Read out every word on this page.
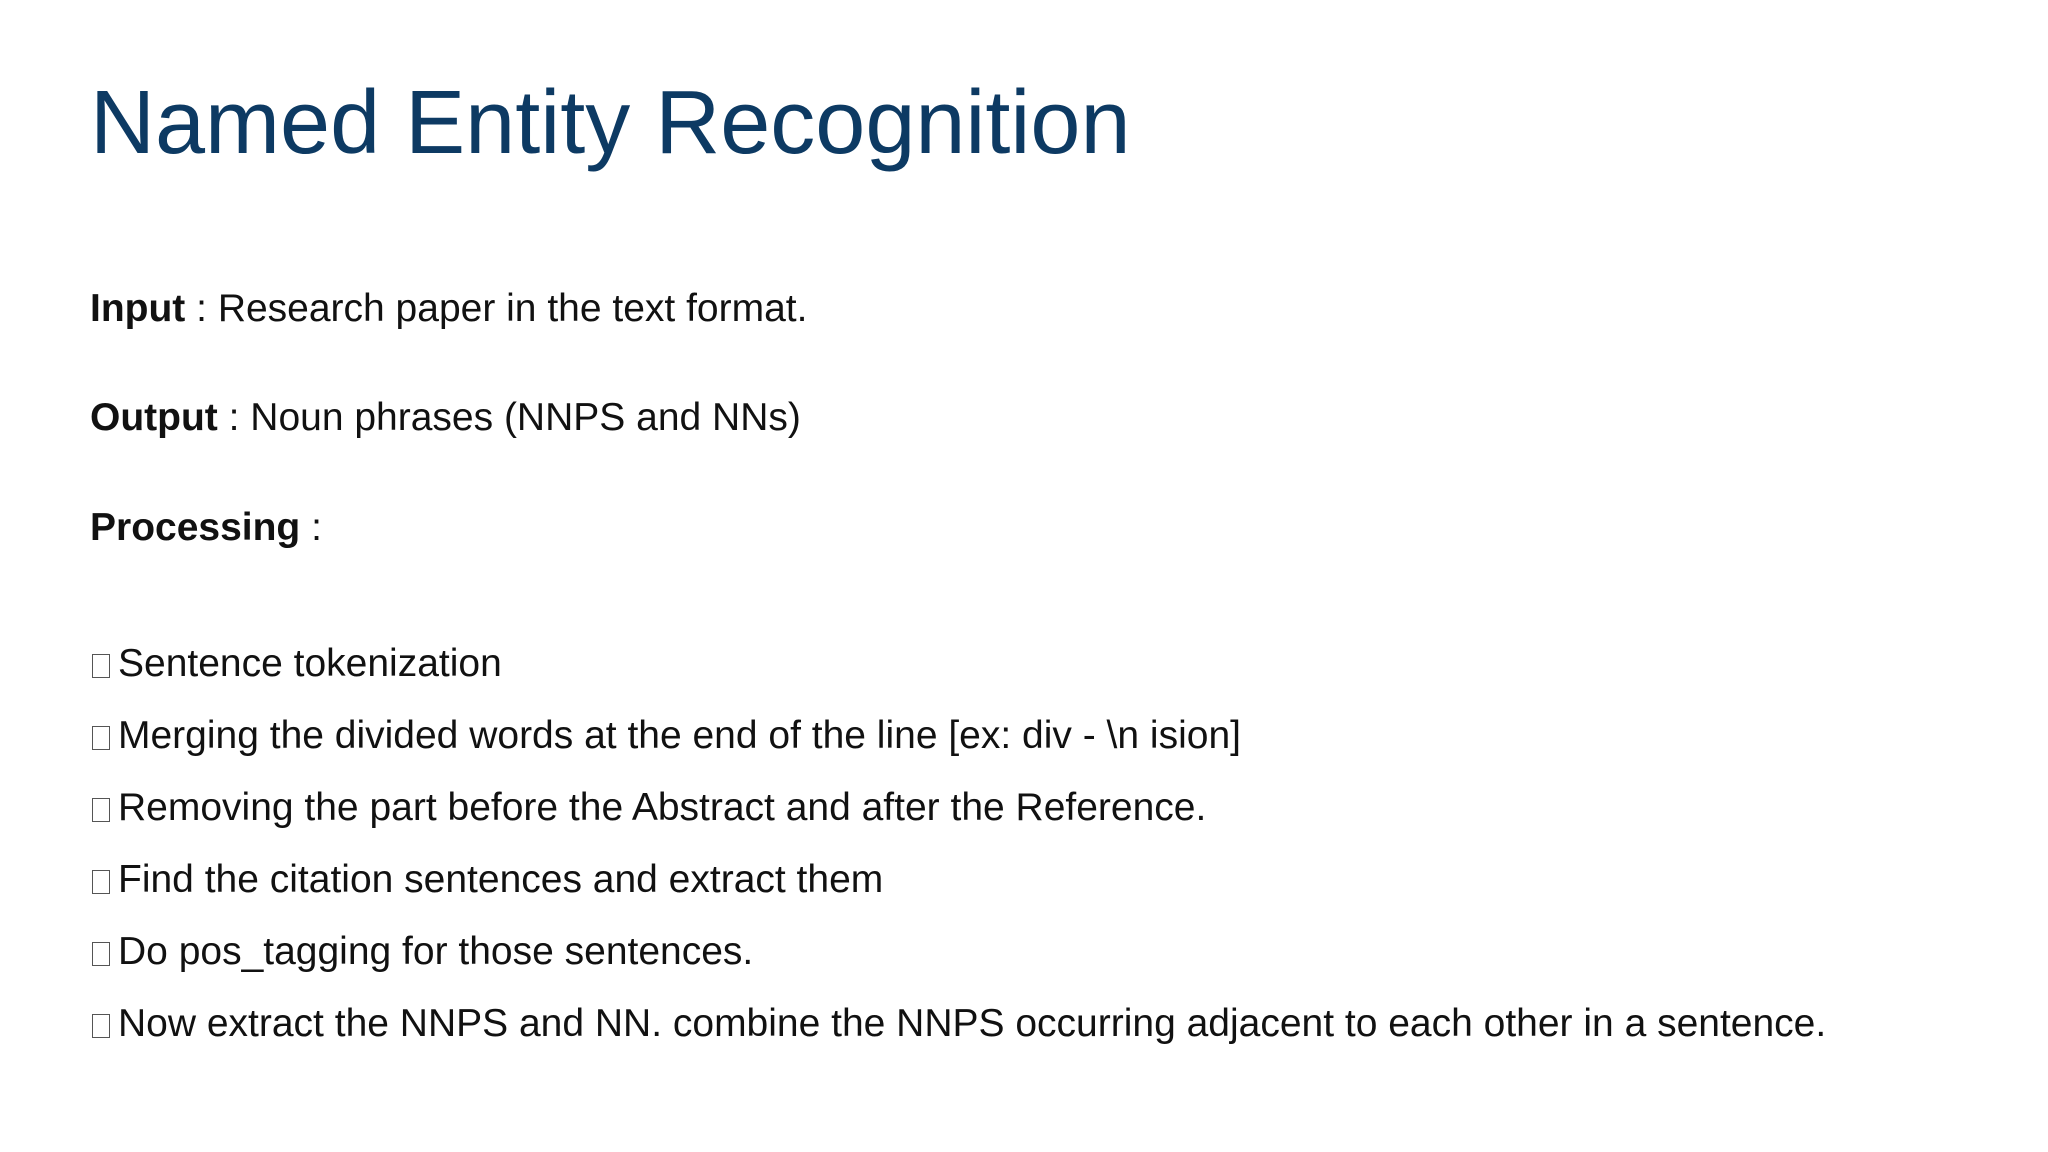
Named Entity Recognition

Input : Research paper in the text format.

Output : Noun phrases (NNPS and NNs)

Processing :

Sentence tokenization
Merging the divided words at the end of the line [ex: div - \n ision]
Removing the part before the Abstract and after the Reference.
Find the citation sentences and extract them
Do pos_tagging for those sentences.
Now extract the NNPS and NN. combine the NNPS occurring adjacent to each other in a sentence.
